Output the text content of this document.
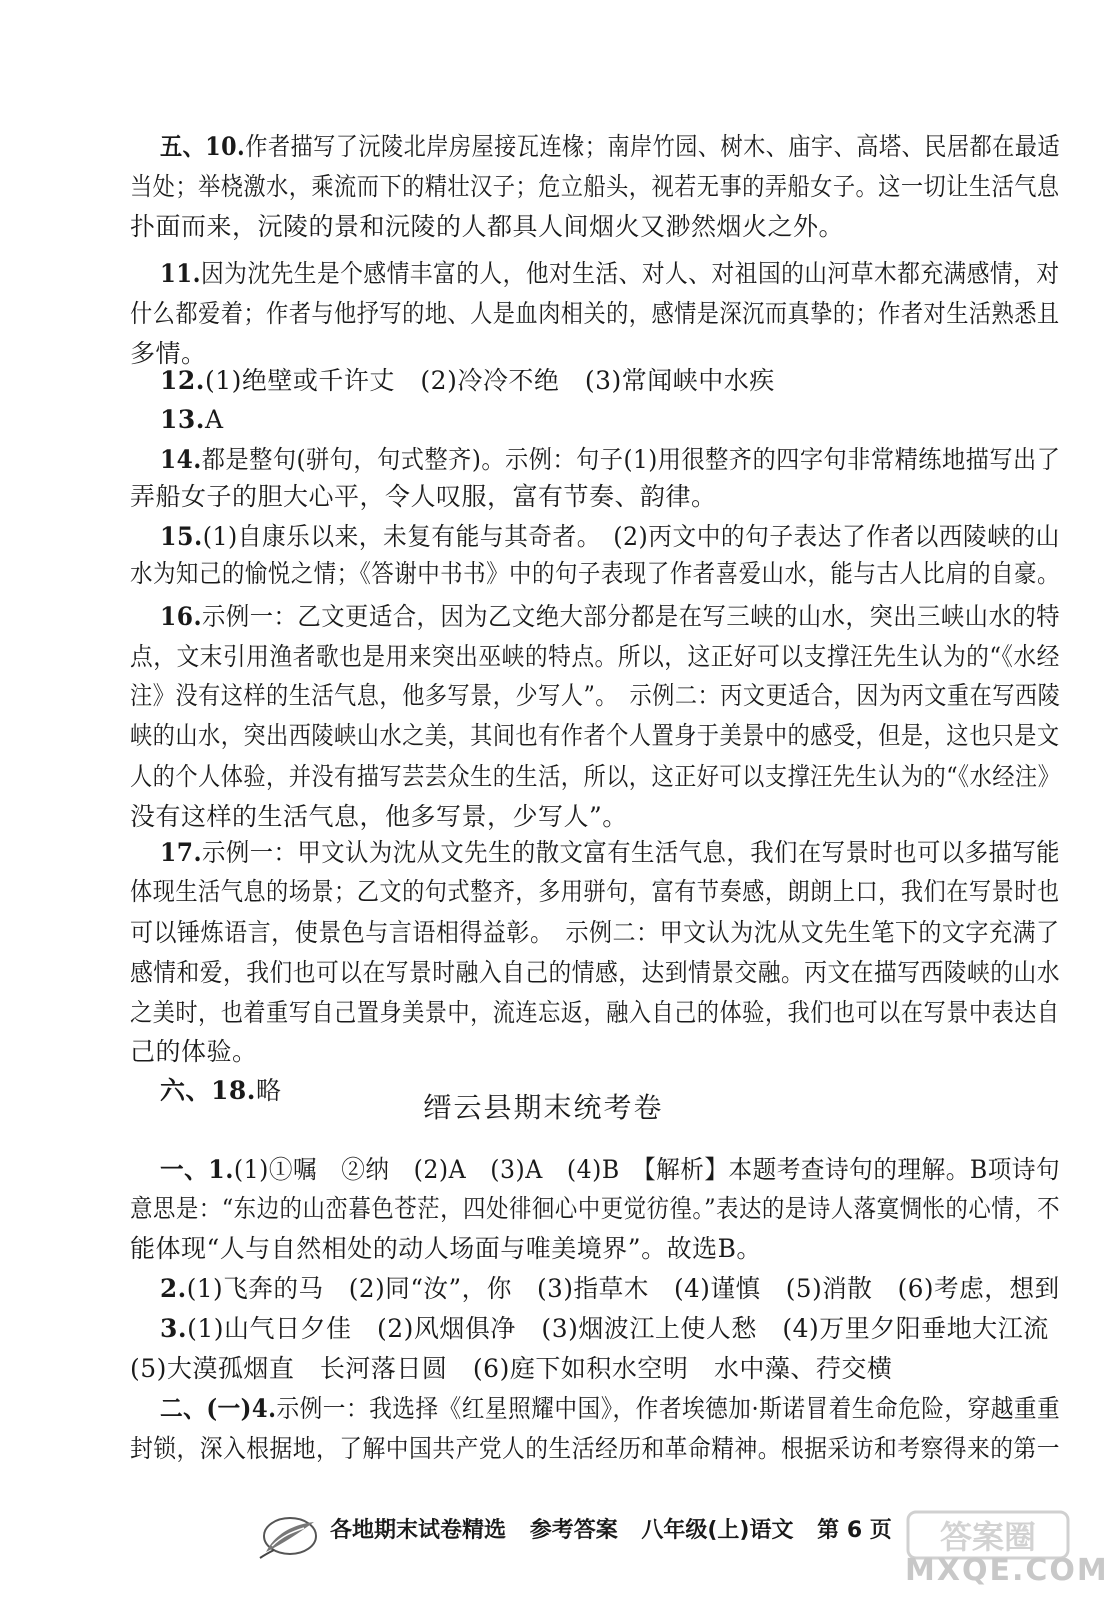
五、10.作者描写了沅陵北岸房屋接瓦连椽；南岸竹园、树木、庙宇、高塔、民居都在最适
当处；举桡激水，乘流而下的精壮汉子；危立船头，视若无事的弄船女子。这一切让生活气息
扑面而来，沅陵的景和沅陵的人都具人间烟火又渺然烟火之外。
11.因为沈先生是个感情丰富的人，他对生活、对人、对祖国的山河草木都充满感情，对
什么都爱着；作者与他抒写的地、人是血肉相关的，感情是深沉而真挚的；作者对生活熟悉且
多情。
12.(1)绝壁或千许丈　(2)冷冷不绝　(3)常闻峡中水疾
13.A
14.都是整句(骈句，句式整齐)。示例：句子(1)用很整齐的四字句非常精练地描写出了
弄船女子的胆大心平，令人叹服，富有节奏、韵律。
15.(1)自康乐以来，未复有能与其奇者。　(2)丙文中的句子表达了作者以西陵峡的山
水为知己的愉悦之情；《答谢中书书》中的句子表现了作者喜爱山水，能与古人比肩的自豪。
16.示例一：乙文更适合，因为乙文绝大部分都是在写三峡的山水，突出三峡山水的特
点，文末引用渔者歌也是用来突出巫峡的特点。所以，这正好可以支撑汪先生认为的“《水经
注》没有这样的生活气息，他多写景，少写人”。　示例二：丙文更适合，因为丙文重在写西陵
峡的山水，突出西陵峡山水之美，其间也有作者个人置身于美景中的感受，但是，这也只是文
人的个人体验，并没有描写芸芸众生的生活，所以，这正好可以支撑汪先生认为的“《水经注》
没有这样的生活气息，他多写景，少写人”。
17.示例一：甲文认为沈从文先生的散文富有生活气息，我们在写景时也可以多描写能
体现生活气息的场景；乙文的句式整齐，多用骈句，富有节奏感，朗朗上口，我们在写景时也
可以锤炼语言，使景色与言语相得益彰。　示例二：甲文认为沈从文先生笔下的文字充满了
感情和爱，我们也可以在写景时融入自己的情感，达到情景交融。丙文在描写西陵峡的山水
之美时，也着重写自己置身美景中，流连忘返，融入自己的体验，我们也可以在写景中表达自
己的体验。
六、18.略
一、1.(1)①嘱　②纳　(2)A　(3)A　(4)B　【解析】本题考查诗句的理解。B项诗句
意思是：“东边的山峦暮色苍茫，四处徘徊心中更觉彷徨。”表达的是诗人落寞惆怅的心情，不
能体现“人与自然相处的动人场面与唯美境界”。故选B。
2.(1)飞奔的马　(2)同“汝”，你　(3)指草木　(4)谨慎　(5)消散　(6)考虑，想到
3.(1)山气日夕佳　(2)风烟俱净　(3)烟波江上使人愁　(4)万里夕阳垂地大江流
(5)大漠孤烟直　长河落日圆　(6)庭下如积水空明　水中藻、荇交横
二、(一)4.示例一：我选择《红星照耀中国》，作者埃德加·斯诺冒着生命危险，穿越重重
封锁，深入根据地，了解中国共产党人的生活经历和革命精神。根据采访和考察得来的第一
缙云县期末统考卷
各地期末试卷精选 参考答案 八年级(上)语文 第 6 页	答案圈
MXQE.COM
